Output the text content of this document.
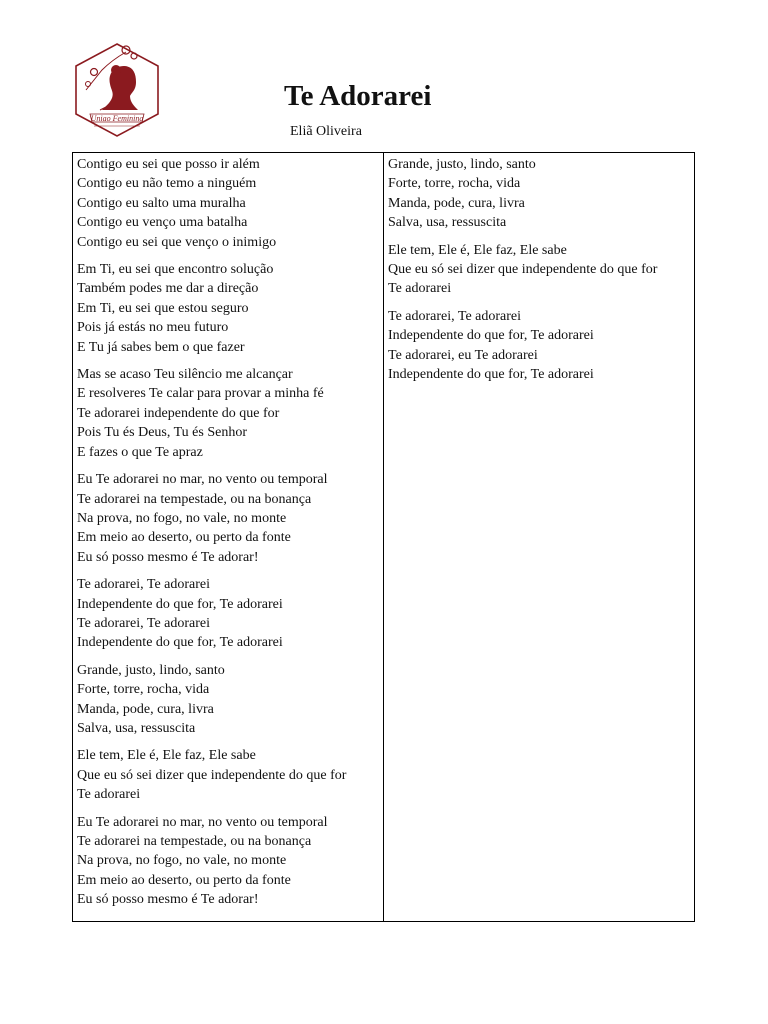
Uniao Feminina
Te Adorarei
Eliã Oliveira
Contigo eu sei que posso ir além
Contigo eu não temo a ninguém
Contigo eu salto uma muralha
Contigo eu venço uma batalha
Contigo eu sei que venço o inimigo
Em Ti, eu sei que encontro solução
Também podes me dar a direção
Em Ti, eu sei que estou seguro
Pois já estás no meu futuro
E Tu já sabes bem o que fazer
Mas se acaso Teu silêncio me alcançar
E resolveres Te calar para provar a minha fé
Te adorarei independente do que for
Pois Tu és Deus, Tu és Senhor
E fazes o que Te apraz
Eu Te adorarei no mar, no vento ou temporal
Te adorarei na tempestade, ou na bonança
Na prova, no fogo, no vale, no monte
Em meio ao deserto, ou perto da fonte
Eu só posso mesmo é Te adorar!
Te adorarei, Te adorarei
Independente do que for, Te adorarei
Te adorarei, Te adorarei
Independente do que for, Te adorarei
Grande, justo, lindo, santo
Forte, torre, rocha, vida
Manda, pode, cura, livra
Salva, usa, ressuscita
Ele tem, Ele é, Ele faz, Ele sabe
Que eu só sei dizer que independente do que for
Te adorarei
Eu Te adorarei no mar, no vento ou temporal
Te adorarei na tempestade, ou na bonança
Na prova, no fogo, no vale, no monte
Em meio ao deserto, ou perto da fonte
Eu só posso mesmo é Te adorar!
Grande, justo, lindo, santo
Forte, torre, rocha, vida
Manda, pode, cura, livra
Salva, usa, ressuscita
Ele tem, Ele é, Ele faz, Ele sabe
Que eu só sei dizer que independente do que for
Te adorarei
Te adorarei, Te adorarei
Independente do que for, Te adorarei
Te adorarei, eu Te adorarei
Independente do que for, Te adorarei
